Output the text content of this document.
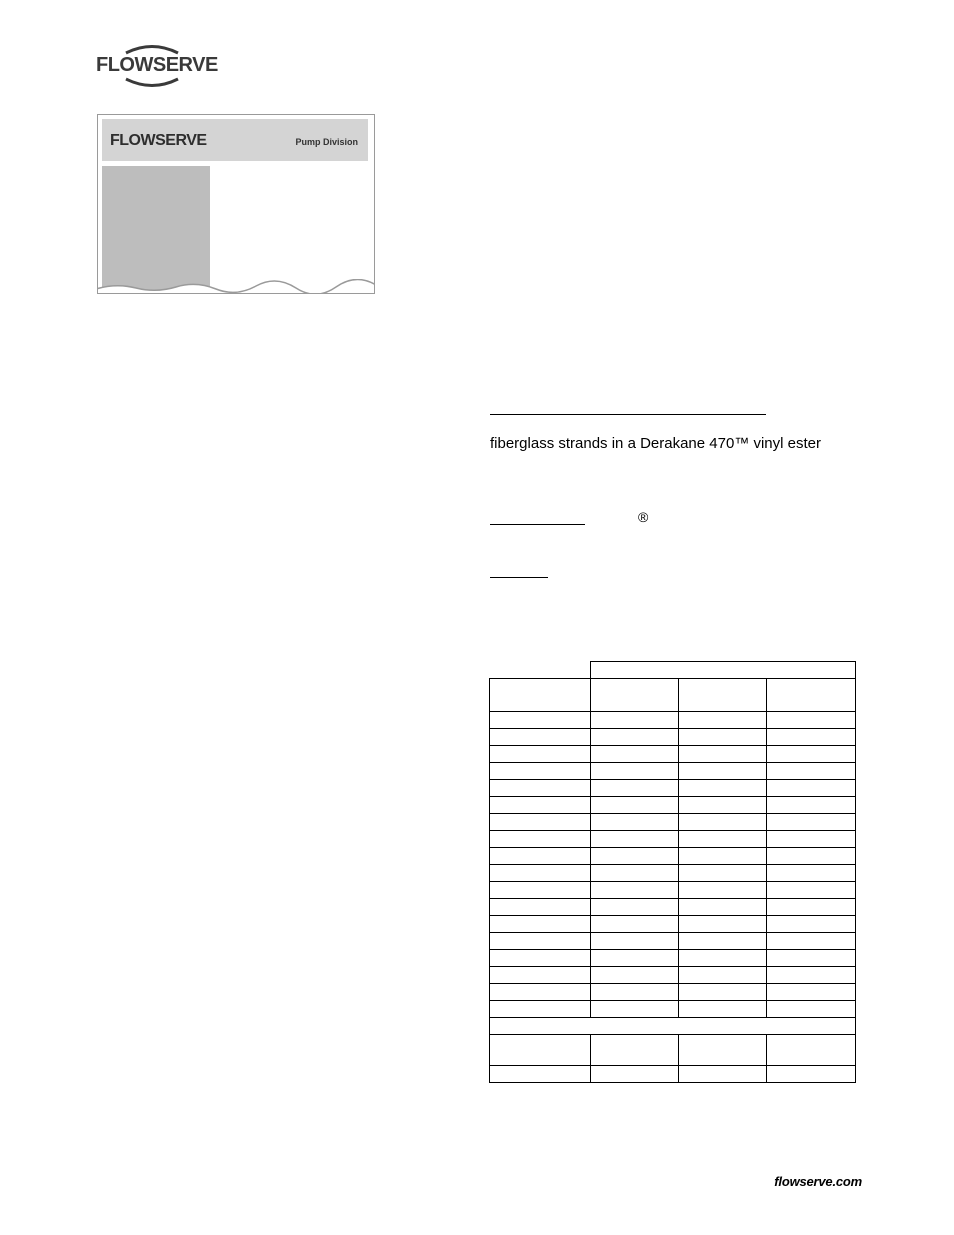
FLOWSERVE
FLOWSERVE	Pump Division
fiberglass strands in a Derakane 470™ vinyl ester
®

flowserve.com
